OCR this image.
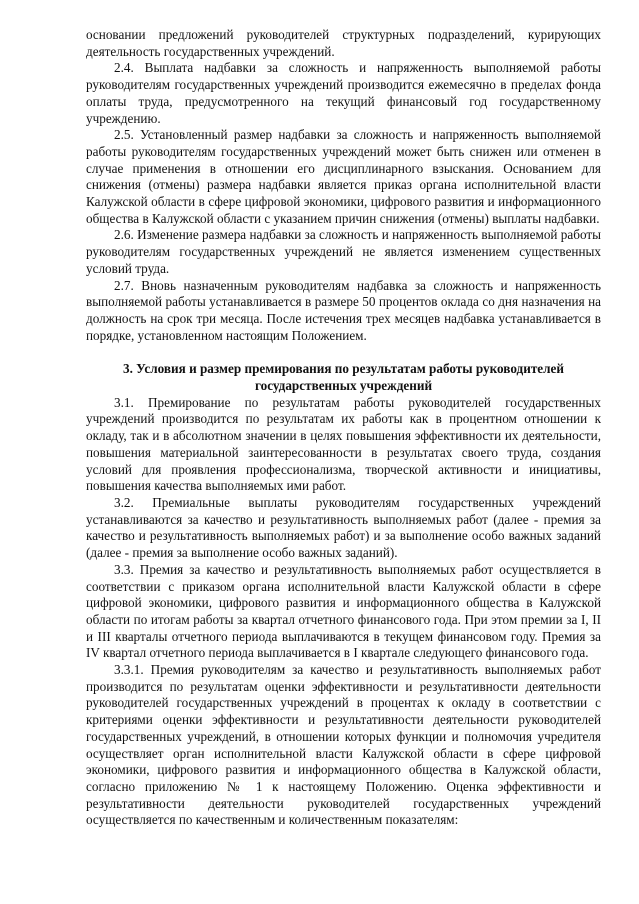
основании предложений руководителей структурных подразделений, курирующих деятельность государственных учреждений.

2.4. Выплата надбавки за сложность и напряженность выполняемой работы руководителям государственных учреждений производится ежемесячно в пределах фонда оплаты труда, предусмотренного на текущий финансовый год государственному учреждению.

2.5. Установленный размер надбавки за сложность и напряженность выполняемой работы руководителям государственных учреждений может быть снижен или отменен в случае применения в отношении его дисциплинарного взыскания. Основанием для снижения (отмены) размера надбавки является приказ органа исполнительной власти Калужской области в сфере цифровой экономики, цифрового развития и информационного общества в Калужской области с указанием причин снижения (отмены) выплаты надбавки.

2.6. Изменение размера надбавки за сложность и напряженность выполняемой работы руководителям государственных учреждений не является изменением существенных условий труда.

2.7. Вновь назначенным руководителям надбавка за сложность и напряженность выполняемой работы устанавливается в размере 50 процентов оклада со дня назначения на должность на срок три месяца. После истечения трех месяцев надбавка устанавливается в порядке, установленном настоящим Положением.

3. Условия и размер премирования по результатам работы руководителей
государственных учреждений

3.1. Премирование по результатам работы руководителей государственных учреждений производится по результатам их работы как в процентном отношении к окладу, так и в абсолютном значении в целях повышения эффективности их деятельности, повышения материальной заинтересованности в результатах своего труда, создания условий для проявления профессионализма, творческой активности и инициативы, повышения качества выполняемых ими работ.

3.2. Премиальные выплаты руководителям государственных учреждений устанавливаются за качество и результативность выполняемых работ (далее - премия за качество и результативность выполняемых работ) и за выполнение особо важных заданий (далее - премия за выполнение особо важных заданий).

3.3. Премия за качество и результативность выполняемых работ осуществляется в соответствии с приказом органа исполнительной власти Калужской области в сфере цифровой экономики, цифрового развития и информационного общества в Калужской области по итогам работы за квартал отчетного финансового года. При этом премии за I, II и III кварталы отчетного периода выплачиваются в текущем финансовом году. Премия за IV квартал отчетного периода выплачивается в I квартале следующего финансового года.

3.3.1. Премия руководителям за качество и результативность выполняемых работ производится по результатам оценки эффективности и результативности деятельности руководителей государственных учреждений в процентах к окладу в соответствии с критериями оценки эффективности и результативности деятельности руководителей государственных учреждений, в отношении которых функции и полномочия учредителя осуществляет орган исполнительной власти Калужской области в сфере цифровой экономики, цифрового развития и информационного общества в Калужской области, согласно приложению № 1 к настоящему Положению. Оценка эффективности и результативности деятельности руководителей государственных учреждений осуществляется по качественным и количественным показателям:
